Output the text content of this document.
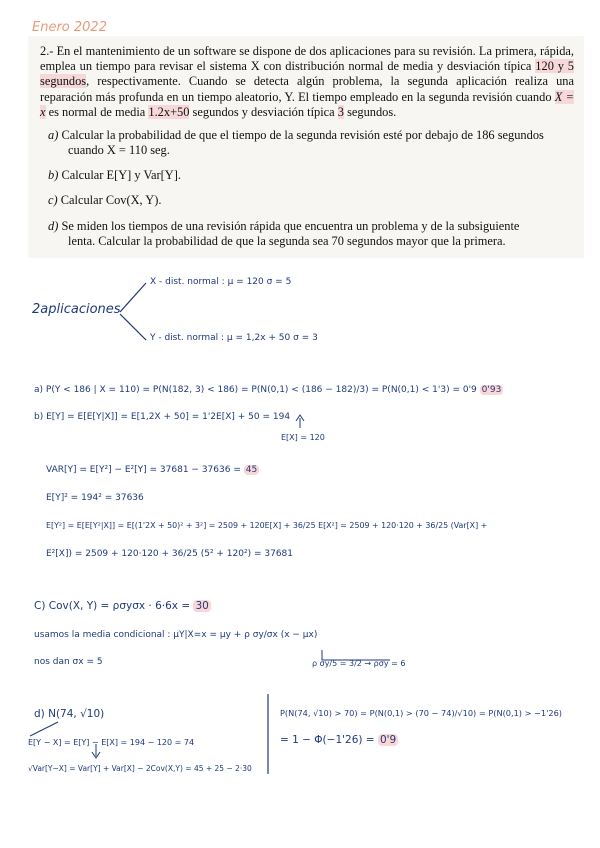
Enero 2022
2.- En el mantenimiento de un software se dispone de dos aplicaciones para su revisión. La primera, rápida, emplea un tiempo para revisar el sistema X con distribución normal de media y desviación típica 120 y 5 segundos, respectivamente. Cuando se detecta algún problema, la segunda aplicación realiza una reparación más profunda en un tiempo aleatorio, Y. El tiempo empleado en la segunda revisión cuando X = x es normal de media 1.2x+50 segundos y desviación típica 3 segundos.
a) Calcular la probabilidad de que el tiempo de la segunda revisión esté por debajo de 186 segundos
cuando X = 110 seg.
b) Calcular E[Y] y Var[Y].
c) Calcular Cov(X, Y).
d) Se miden los tiempos de una revisión rápida que encuentra un problema y de la subsiguiente
lenta. Calcular la probabilidad de que la segunda sea 70 segundos mayor que la primera.
2aplicaciones
X - dist. normal : μ = 120 σ = 5
Y - dist. normal : μ = 1,2x + 50 σ = 3
a) P(Y < 186 | X = 110) = P(N(182, 3) < 186) = P(N(0,1) < (186 − 182)/3) = P(N(0,1) < 1'3) = 0'9 0'93
b) E[Y] = E[E[Y|X]] = E[1,2X + 50] = 1'2E[X] + 50 = 194
E[X] = 120
VAR[Y] = E[Y²] − E²[Y] = 37681 − 37636 = 45
E[Y]² = 194² = 37636
E[Y²] = E[E[Y²|X]] = E[(1'2X + 50)² + 3²] = 2509 + 120E[X] + 36/25 E[X²] = 2509 + 120·120 + 36/25 (Var[X] +
E²[X]) = 2509 + 120·120 + 36/25 (5² + 120²) = 37681
C) Cov(X, Y) = ρσyσx · 6·6x = 30
usamos la media condicional : μY|X=x = μy + ρ σy/σx (x − μx)
nos dan σx = 5	ρ σy/5 = 3/2 → ρσy = 6
d) N(74, √10)
E[Y − X] = E[Y] − E[X] = 194 − 120 = 74
√Var[Y−X] = Var[Y] + Var[X] − 2Cov(X,Y) = 45 + 25 − 2·30
P(N(74, √10) > 70) = P(N(0,1) > (70 − 74)/√10) = P(N(0,1) > −1'26)
= 1 − Φ(−1'26) = 0'9
